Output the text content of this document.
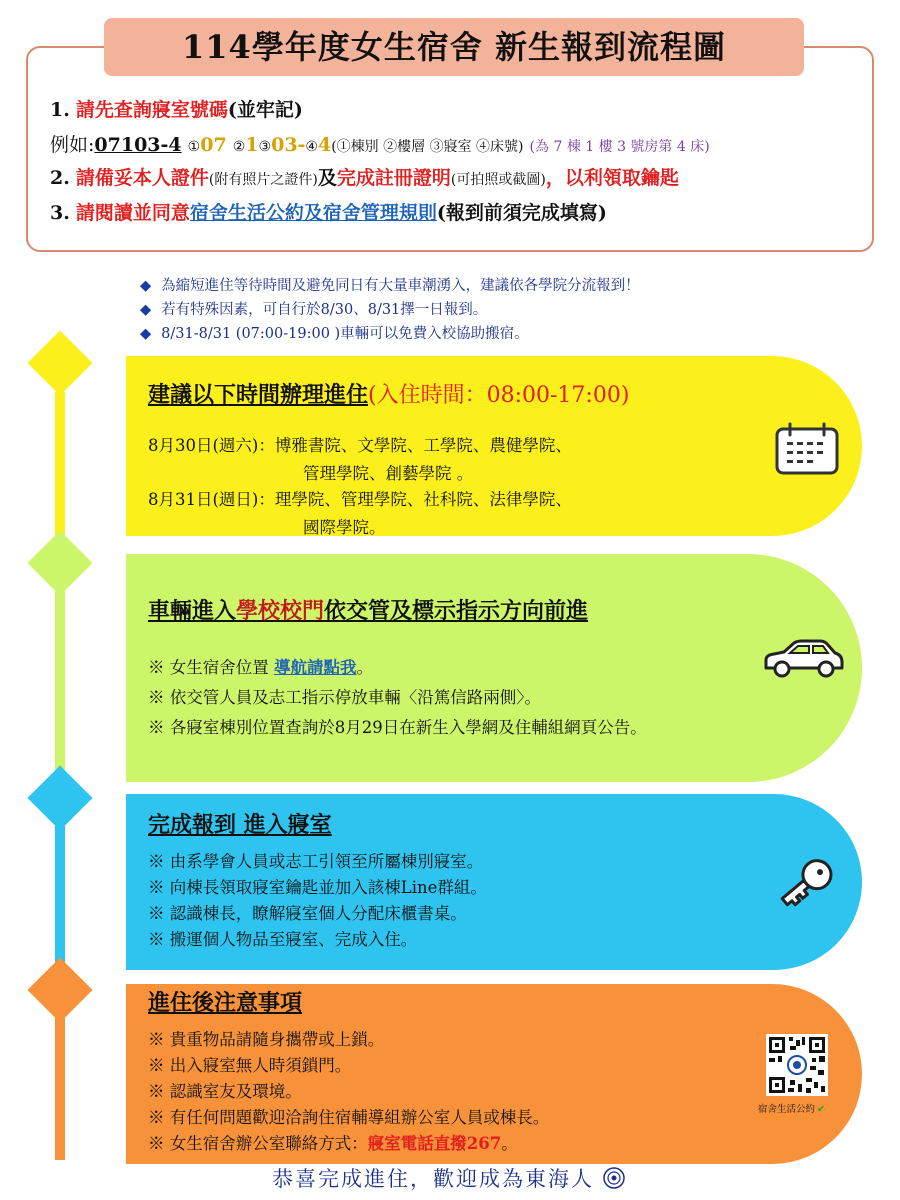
114學年度女生宿舍 新生報到流程圖
1. 請先查詢寢室號碼(並牢記)
例如:07103-4 ①07 ②1③03-④4(①棟別 ②樓層 ③寢室 ④床號) (為 7 棟 1 樓 3 號房第 4 床)
2. 請備妥本人證件(附有照片之證件)及完成註冊證明(可拍照或截圖)，以利領取鑰匙
3. 請閱讀並同意宿舍生活公約及宿舍管理規則(報到前須完成填寫)
◆ 為縮短進住等待時間及避免同日有大量車潮湧入，建議依各學院分流報到！
◆ 若有特殊因素，可自行於8/30、8/31擇一日報到。
◆ 8/31-8/31 (07:00-19:00 )車輛可以免費入校協助搬宿。
建議以下時間辦理進住(入住時間：08:00-17:00)
8月30日(週六)：博雅書院、文學院、工學院、農健學院、
管理學院、創藝學院 。
8月31日(週日)：理學院、管理學院、社科院、法律學院、
國際學院。
車輛進入學校校門依交管及標示指示方向前進
※ 女生宿舍位置 導航請點我。
※ 依交管人員及志工指示停放車輛〈沿篤信路兩側〉。
※ 各寢室棟別位置查詢於8月29日在新生入學網及住輔組網頁公告。
完成報到 進入寢室
※ 由系學會人員或志工引領至所屬棟別寢室。
※ 向棟長領取寢室鑰匙並加入該棟Line群組。
※ 認識棟長，瞭解寢室個人分配床櫃書桌。
※ 搬運個人物品至寢室、完成入住。
進住後注意事項
※ 貴重物品請隨身攜帶或上鎖。
※ 出入寢室無人時須鎖門。
※ 認識室友及環境。
※ 有任何問題歡迎洽詢住宿輔導組辦公室人員或棟長。
※ 女生宿舍辦公室聯絡方式：寢室電話直撥267。
宿舍生活公約 ✔
恭喜完成進住，歡迎成為東海人
